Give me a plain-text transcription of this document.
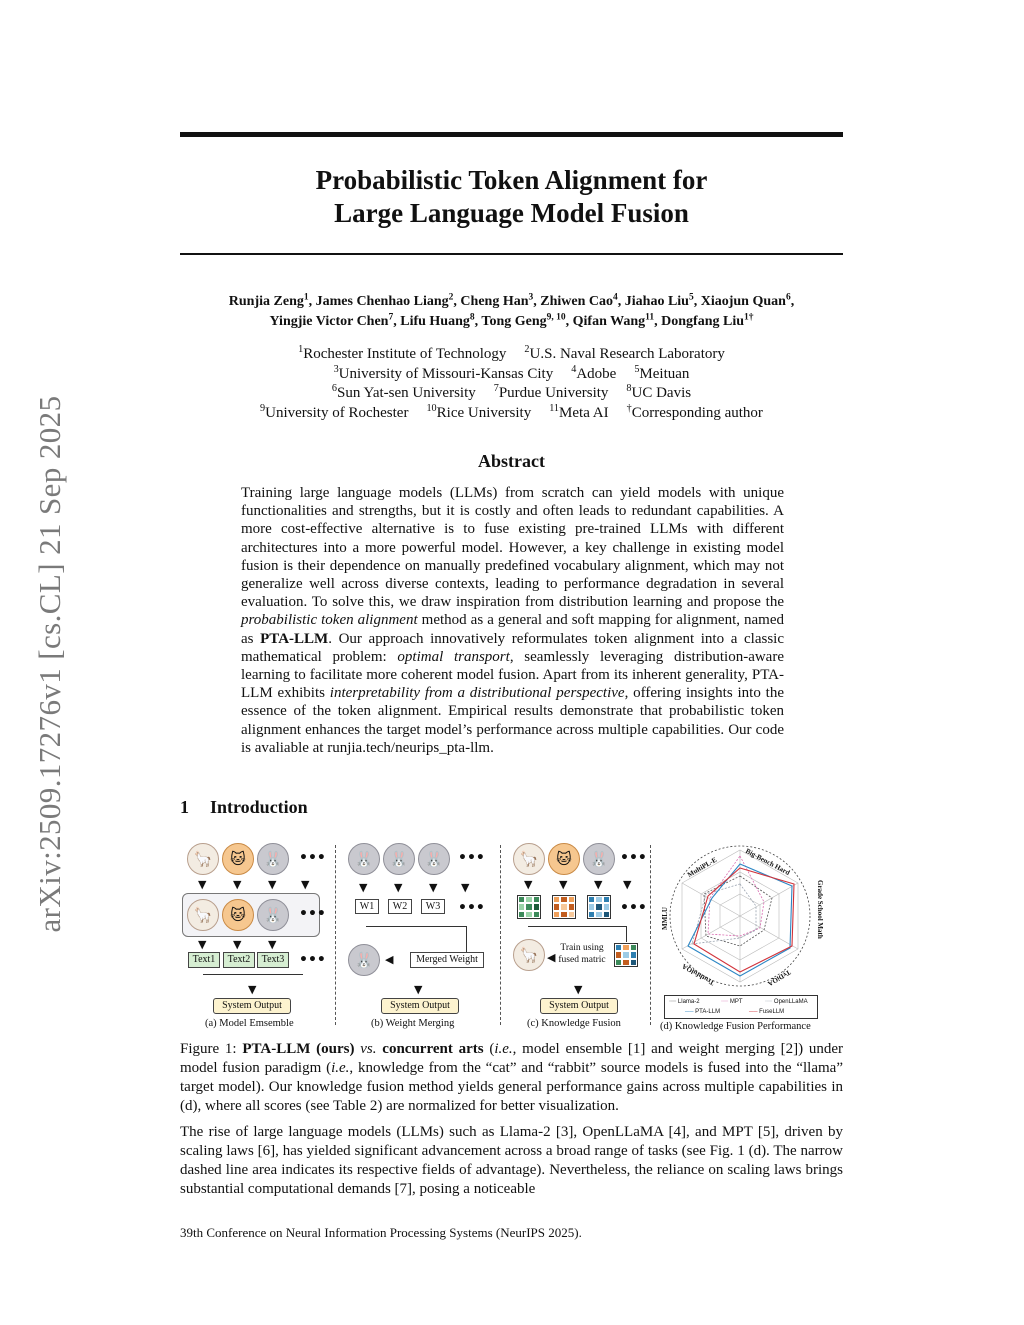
arXiv:2509.17276v1 [cs.CL] 21 Sep 2025
Probabilistic Token Alignment for
Large Language Model Fusion
Runjia Zeng$^1$, James Chenhao Liang$^2$, Cheng Han$^3$, Zhiwen Cao$^4$, Jiahao Liu$^5$, Xiaojun Quan$^6$,
Yingjie Victor Chen$^7$, Lifu Huang$^8$, Tong Geng$^{9, 10}$, Qifan Wang$^{11}$, Dongfang Liu$^{1\dagger}$
$^1$Rochester Institute of Technology $^2$U.S. Naval Research Laboratory
$^3$University of Missouri-Kansas City $^4$Adobe $^5$Meituan
$^6$Sun Yat-sen University $^7$Purdue University $^8$UC Davis
$^9$University of Rochester $^{10}$Rice University $^{11}$Meta AI †Corresponding author
Abstract
Training large language models (LLMs) from scratch can yield models with unique functionalities and strengths, but it is costly and often leads to redundant capabilities. A more cost-effective alternative is to fuse existing pre-trained LLMs with different architectures into a more powerful model. However, a key challenge in existing model fusion is their dependence on manually predefined vocabulary alignment, which may not generalize well across diverse contexts, leading to performance degradation in several evaluation. To solve this, we draw inspiration from distribution learning and propose the probabilistic token alignment method as a general and soft mapping for alignment, named as PTA-LLM. Our approach innovatively reformulates token alignment into a classic mathematical problem: optimal transport, seamlessly leveraging distribution-aware learning to facilitate more coherent model fusion. Apart from its inherent generality, PTA-LLM exhibits interpretability from a distributional perspective, offering insights into the essence of the token alignment. Empirical results demonstrate that probabilistic token alignment enhances the target model’s performance across multiple capabilities. Our code is avaliable at runjia.tech/neurips_pta-llm.
1 Introduction
🦙	🐱	🐰	•••
▼ ▼ ▼ ▼
🦙	🐱	🐰	•••
▼ ▼ ▼
Text1	Text2	Text3	•••
▼
System Output
(a) Model Emsemble
🐰	🐰	🐰	•••
▼ ▼ ▼ ▼
W1	W2	W3	•••
🐰	◀	Merged Weight
▼
System Output
(b) Weight Merging
🦙	🐱	🐰 •••
▼ ▼ ▼ ▼
•••
🦙 ◀
Train using fused matric
▼
System Output
(c) Knowledge Fusion
Big-Bench Hard
Grade School Math
TyDiQA
TruthfulQA
MMLU
MultiPL-E
┈┈ Llama-2	┈┈ MPT	┈┈ OpenLLaMA
── PTA-LLM	── FuseLLM
(d) Knowledge Fusion Performance
Figure 1: PTA-LLM (ours) vs. concurrent arts (i.e., model ensemble [1] and weight merging [2]) under model fusion paradigm (i.e., knowledge from the “cat” and “rabbit” source models is fused into the “llama” target model). Our knowledge fusion method yields general performance gains across multiple capabilities in (d), where all scores (see Table 2) are normalized for better visualization.
The rise of large language models (LLMs) such as Llama-2 [3], OpenLLaMA [4], and MPT [5], driven by scaling laws [6], has yielded significant advancement across a broad range of tasks (see Fig. 1 (d). The narrow dashed line area indicates its respective fields of advantage). Nevertheless, the reliance on scaling laws brings substantial computational demands [7], posing a noticeable
39th Conference on Neural Information Processing Systems (NeurIPS 2025).
